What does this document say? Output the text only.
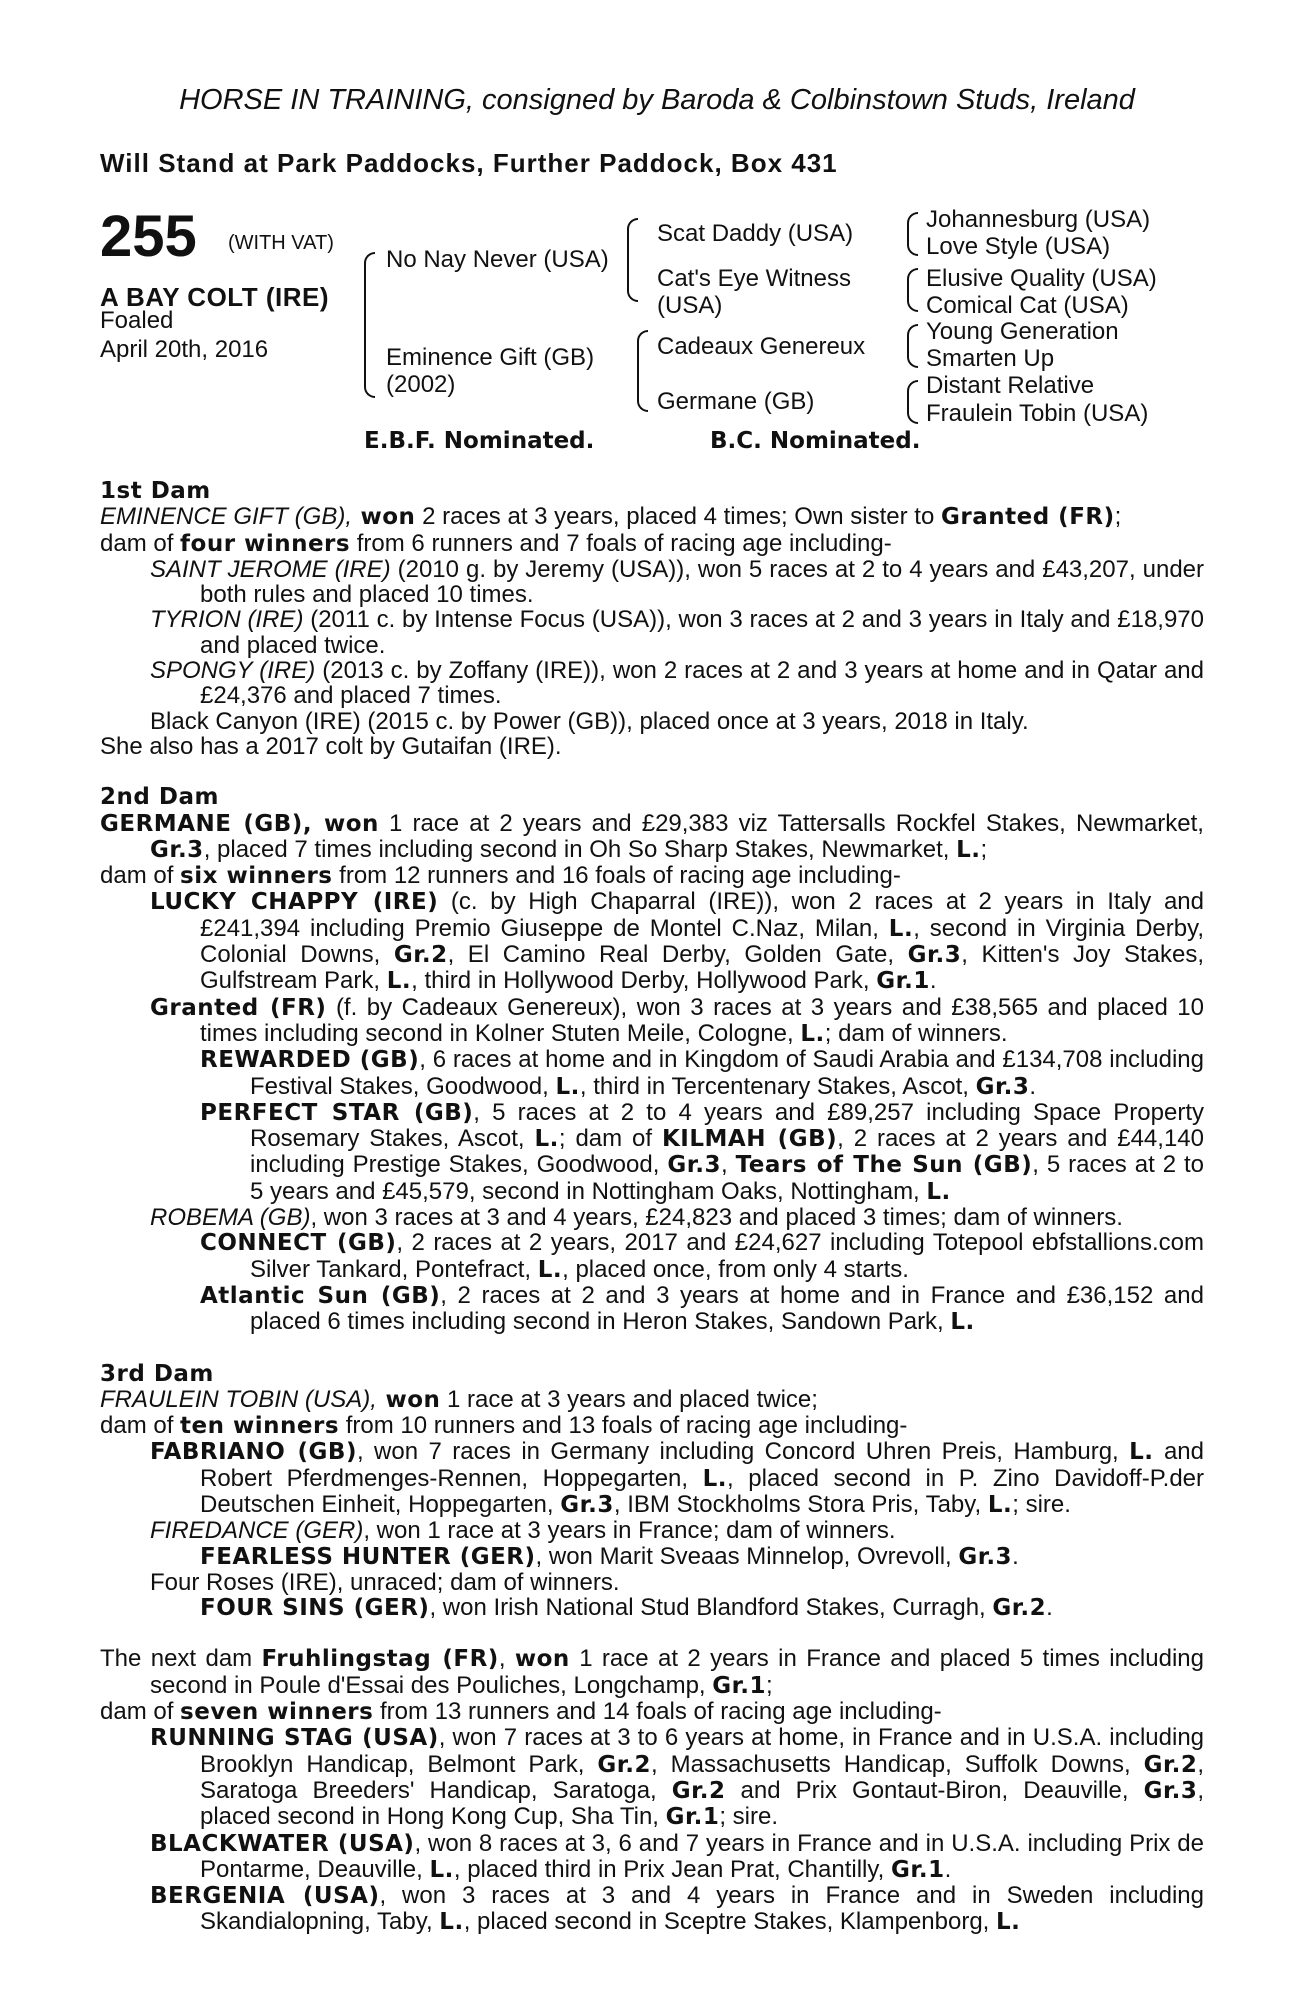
HORSE IN TRAINING, consigned by Baroda & Colbinstown Studs, Ireland
Will Stand at Park Paddocks, Further Paddock, Box 431
255 (WITH VAT)
A BAY COLT (IRE)
Foaled
April 20th, 2016
No Nay Never (USA)
Eminence Gift (GB)
(2002)
Scat Daddy (USA)
Cat's Eye Witness
(USA)
Cadeaux Genereux
Germane (GB)
Johannesburg (USA)
Love Style (USA)
Elusive Quality (USA)
Comical Cat (USA)
Young Generation
Smarten Up
Distant Relative
Fraulein Tobin (USA)
E.B.F. Nominated.	B.C. Nominated.

1st Dam

EMINENCE GIFT (GB), won 2 races at 3 years, placed 4 times; Own sister to Granted (FR);

dam of four winners from 6 runners and 7 foals of racing age including-

SAINT JEROME (IRE) (2010 g. by Jeremy (USA)), won 5 races at 2 to 4 years and £43,207, under both rules and placed 10 times.

TYRION (IRE) (2011 c. by Intense Focus (USA)), won 3 races at 2 and 3 years in Italy and £18,970 and placed twice.

SPONGY (IRE) (2013 c. by Zoffany (IRE)), won 2 races at 2 and 3 years at home and in Qatar and £24,376 and placed 7 times.

Black Canyon (IRE) (2015 c. by Power (GB)), placed once at 3 years, 2018 in Italy.

She also has a 2017 colt by Gutaifan (IRE).

2nd Dam

GERMANE (GB), won 1 race at 2 years and £29,383 viz Tattersalls Rockfel Stakes, Newmarket, Gr.3, placed 7 times including second in Oh So Sharp Stakes, Newmarket, L.;

dam of six winners from 12 runners and 16 foals of racing age including-

LUCKY CHAPPY (IRE) (c. by High Chaparral (IRE)), won 2 races at 2 years in Italy and £241,394 including Premio Giuseppe de Montel C.Naz, Milan, L., second in Virginia Derby, Colonial Downs, Gr.2, El Camino Real Derby, Golden Gate, Gr.3, Kitten's Joy Stakes, Gulfstream Park, L., third in Hollywood Derby, Hollywood Park, Gr.1.

Granted (FR) (f. by Cadeaux Genereux), won 3 races at 3 years and £38,565 and placed 10 times including second in Kolner Stuten Meile, Cologne, L.; dam of winners.

REWARDED (GB), 6 races at home and in Kingdom of Saudi Arabia and £134,708 including Festival Stakes, Goodwood, L., third in Tercentenary Stakes, Ascot, Gr.3.

PERFECT STAR (GB), 5 races at 2 to 4 years and £89,257 including Space Property Rosemary Stakes, Ascot, L.; dam of KILMAH (GB), 2 races at 2 years and £44,140 including Prestige Stakes, Goodwood, Gr.3, Tears of The Sun (GB), 5 races at 2 to 5 years and £45,579, second in Nottingham Oaks, Nottingham, L.

ROBEMA (GB), won 3 races at 3 and 4 years, £24,823 and placed 3 times; dam of winners.

CONNECT (GB), 2 races at 2 years, 2017 and £24,627 including Totepool ebfstallions.com Silver Tankard, Pontefract, L., placed once, from only 4 starts.

Atlantic Sun (GB), 2 races at 2 and 3 years at home and in France and £36,152 and placed 6 times including second in Heron Stakes, Sandown Park, L.

3rd Dam

FRAULEIN TOBIN (USA), won 1 race at 3 years and placed twice;

dam of ten winners from 10 runners and 13 foals of racing age including-

FABRIANO (GB), won 7 races in Germany including Concord Uhren Preis, Hamburg, L. and Robert Pferdmenges-Rennen, Hoppegarten, L., placed second in P. Zino Davidoff-P.der Deutschen Einheit, Hoppegarten, Gr.3, IBM Stockholms Stora Pris, Taby, L.; sire.

FIREDANCE (GER), won 1 race at 3 years in France; dam of winners.

FEARLESS HUNTER (GER), won Marit Sveaas Minnelop, Ovrevoll, Gr.3.

Four Roses (IRE), unraced; dam of winners.

FOUR SINS (GER), won Irish National Stud Blandford Stakes, Curragh, Gr.2.

The next dam Fruhlingstag (FR), won 1 race at 2 years in France and placed 5 times including second in Poule d'Essai des Pouliches, Longchamp, Gr.1;

dam of seven winners from 13 runners and 14 foals of racing age including-

RUNNING STAG (USA), won 7 races at 3 to 6 years at home, in France and in U.S.A. including Brooklyn Handicap, Belmont Park, Gr.2, Massachusetts Handicap, Suffolk Downs, Gr.2, Saratoga Breeders' Handicap, Saratoga, Gr.2 and Prix Gontaut-Biron, Deauville, Gr.3, placed second in Hong Kong Cup, Sha Tin, Gr.1; sire.

BLACKWATER (USA), won 8 races at 3, 6 and 7 years in France and in U.S.A. including Prix de Pontarme, Deauville, L., placed third in Prix Jean Prat, Chantilly, Gr.1.

BERGENIA (USA), won 3 races at 3 and 4 years in France and in Sweden including Skandialopning, Taby, L., placed second in Sceptre Stakes, Klampenborg, L.
